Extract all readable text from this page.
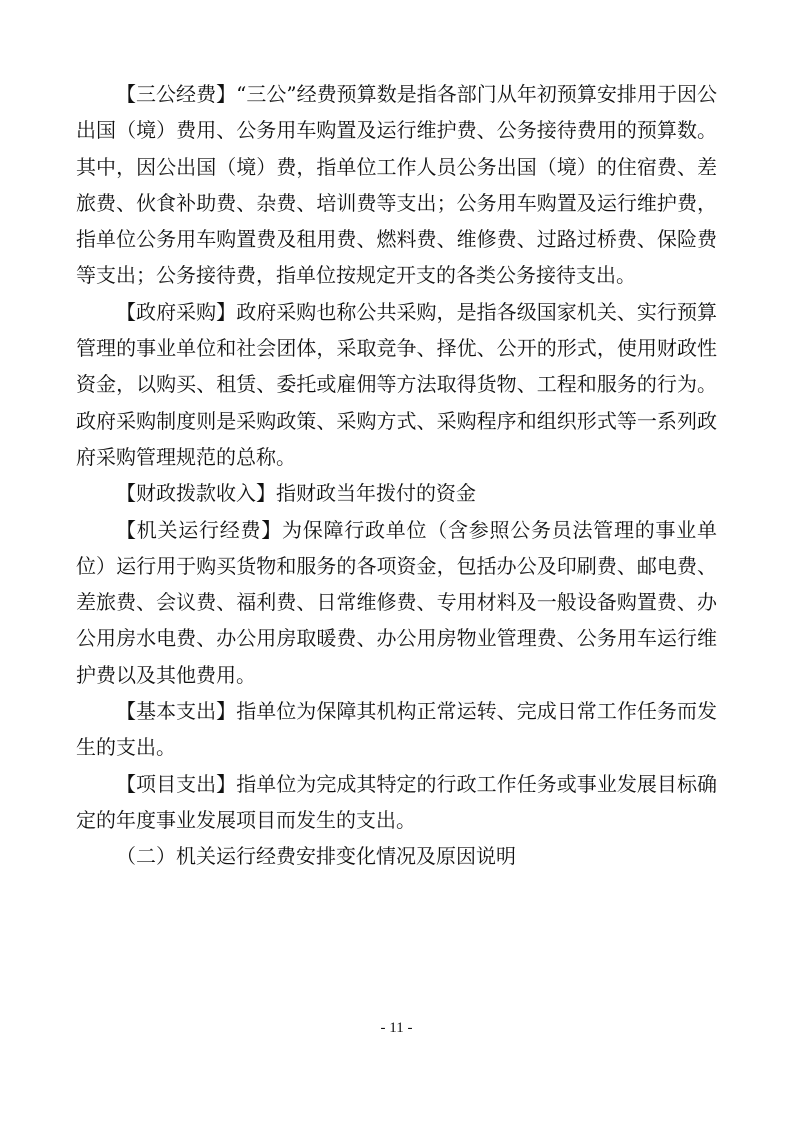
【三公经费】“三公”经费预算数是指各部门从年初预算安排用于因公出国（境）费用、公务用车购置及运行维护费、公务接待费用的预算数。其中，因公出国（境）费，指单位工作人员公务出国（境）的住宿费、差旅费、伙食补助费、杂费、培训费等支出；公务用车购置及运行维护费，指单位公务用车购置费及租用费、燃料费、维修费、过路过桥费、保险费等支出；公务接待费，指单位按规定开支的各类公务接待支出。

【政府采购】政府采购也称公共采购，是指各级国家机关、实行预算管理的事业单位和社会团体，采取竞争、择优、公开的形式，使用财政性资金，以购买、租赁、委托或雇佣等方法取得货物、工程和服务的行为。政府采购制度则是采购政策、采购方式、采购程序和组织形式等一系列政府采购管理规范的总称。

【财政拨款收入】指财政当年拨付的资金

【机关运行经费】为保障行政单位（含参照公务员法管理的事业单位）运行用于购买货物和服务的各项资金，包括办公及印刷费、邮电费、差旅费、会议费、福利费、日常维修费、专用材料及一般设备购置费、办公用房水电费、办公用房取暖费、办公用房物业管理费、公务用车运行维护费以及其他费用。

【基本支出】指单位为保障其机构正常运转、完成日常工作任务而发生的支出。

【项目支出】指单位为完成其特定的行政工作任务或事业发展目标确定的年度事业发展项目而发生的支出。

（二）机关运行经费安排变化情况及原因说明

- 11 -
